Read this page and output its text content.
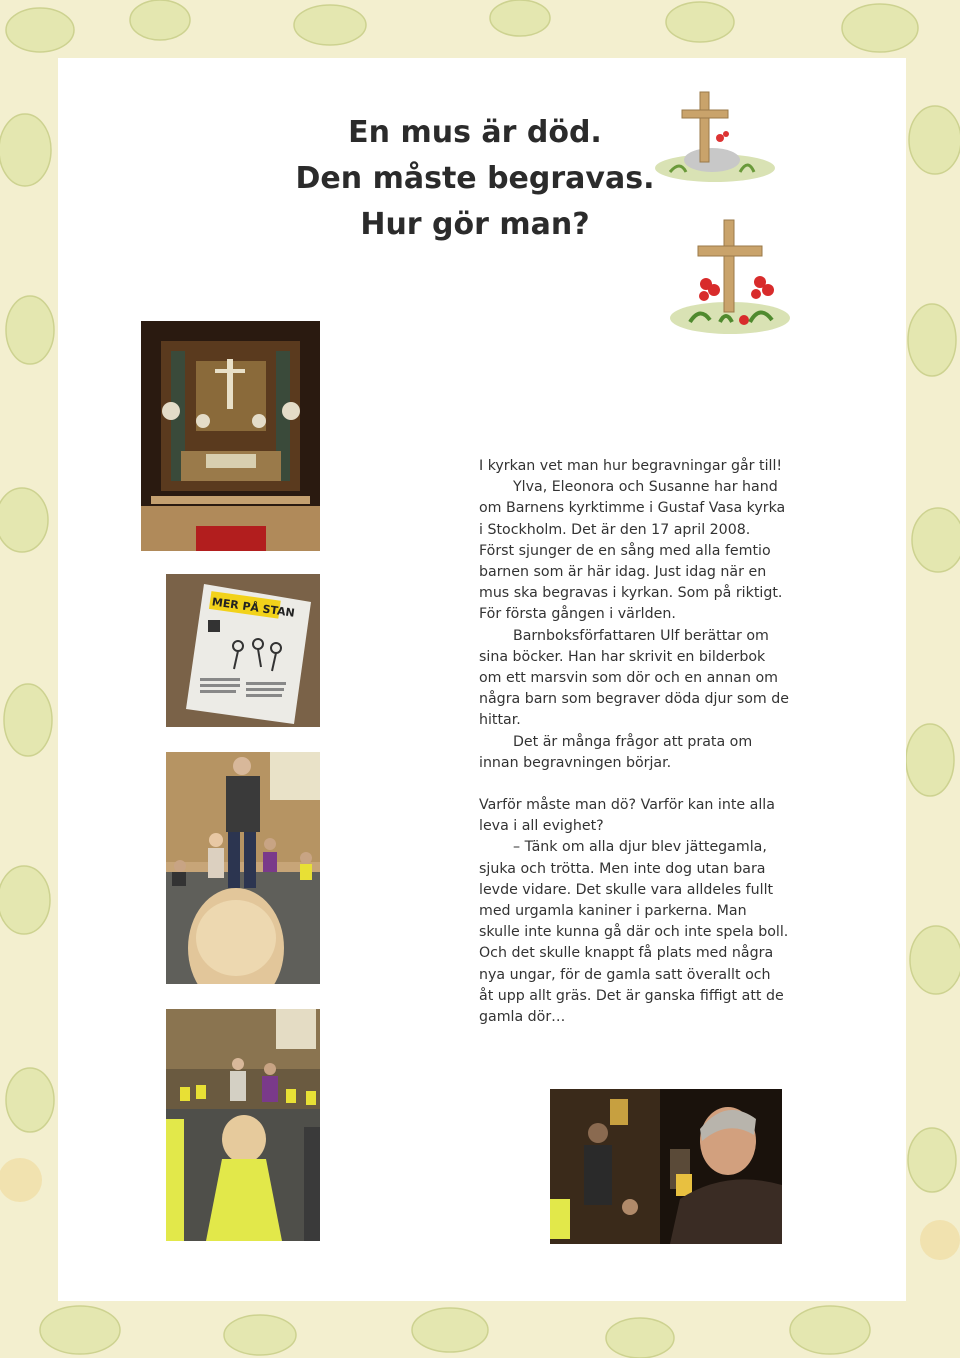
En mus är död.
Den måste begravas.
Hur gör man?
MER PÅ STAN

I kyrkan vet man hur begravningar går till!

Ylva, Eleonora och Susanne har hand om Barnens kyrktimme i Gustaf Vasa kyrka i Stockholm. Det är den 17 april 2008. Först sjunger de en sång med alla femtio barnen som är här idag. Just idag när en mus ska begravas i kyrkan. Som på riktigt. För första gången i världen.

Barnboksförfattaren Ulf berättar om sina böcker. Han har skrivit en bilderbok om ett marsvin som dör och en annan om några barn som begraver döda djur som de hittar.

Det är många frågor att prata om innan begravningen börjar.

Varför måste man dö? Varför kan inte alla leva i all evighet?

– Tänk om alla djur blev jättegamla, sjuka och trötta. Men inte dog utan bara levde vidare. Det skulle vara alldeles fullt med urgamla kaniner i parkerna. Man skulle inte kunna gå där och inte spela boll. Och det skulle knappt få plats med några nya ungar, för de gamla satt överallt och åt upp allt gräs. Det är ganska fiffigt att de gamla dör…
